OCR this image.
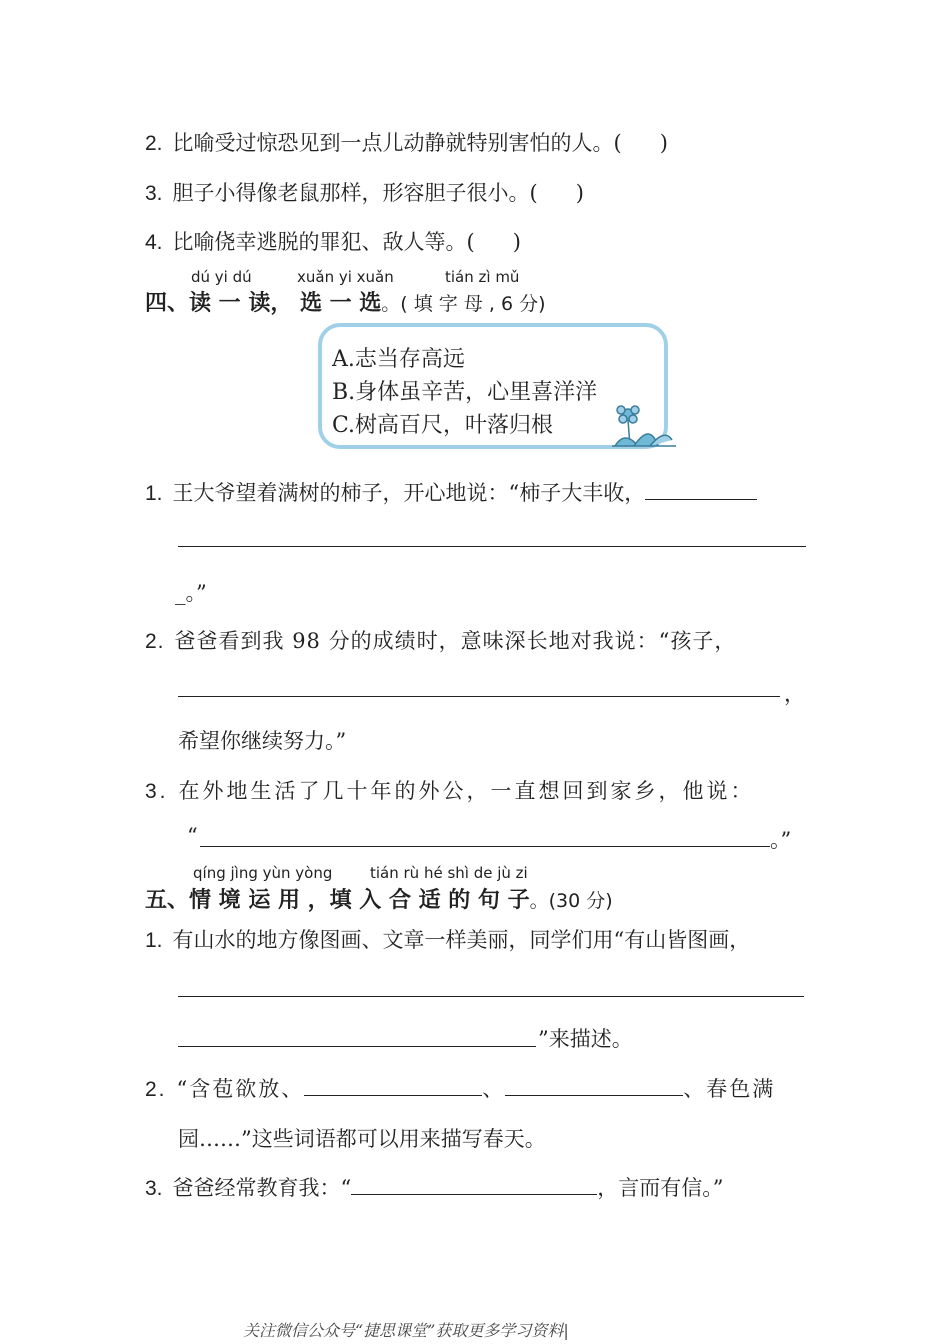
2. 比喻受过惊恐见到一点儿动静就特别害怕的人。( )
3. 胆子小得像老鼠那样，形容胆子很小。( )
4. 比喻侥幸逃脱的罪犯、敌人等。( )
dú yi dú	xuǎn yi xuǎn	tián zì mǔ
四、读 一 读， 选 一 选。( 填 字 母 , 6 分)
A.志当存高远
B.身体虽辛苦，心里喜洋洋
C.树高百尺，叶落归根
1. 王大爷望着满树的柿子，开心地说：“柿子大丰收，
_。”
2. 爸爸看到我 98 分的成绩时，意味深长地对我说：“孩子，
，
希望你继续努力。”
3. 在外地生活了几十年的外公，一直想回到家乡，他说：
“	。”
qíng jìng yùn yòng	tián rù hé shì de jù zi
五、情 境 运 用 ，填 入 合 适 的 句 子。(30 分)
1. 有山水的地方像图画、文章一样美丽，同学们用“有山皆图画，
”来描述。
2. “含苞欲放、	、	、春色满
园……”这些词语都可以用来描写春天。
3. 爸爸经常教育我：“	，言而有信。”
关注微信公众号“捷思课堂”获取更多学习资料|
